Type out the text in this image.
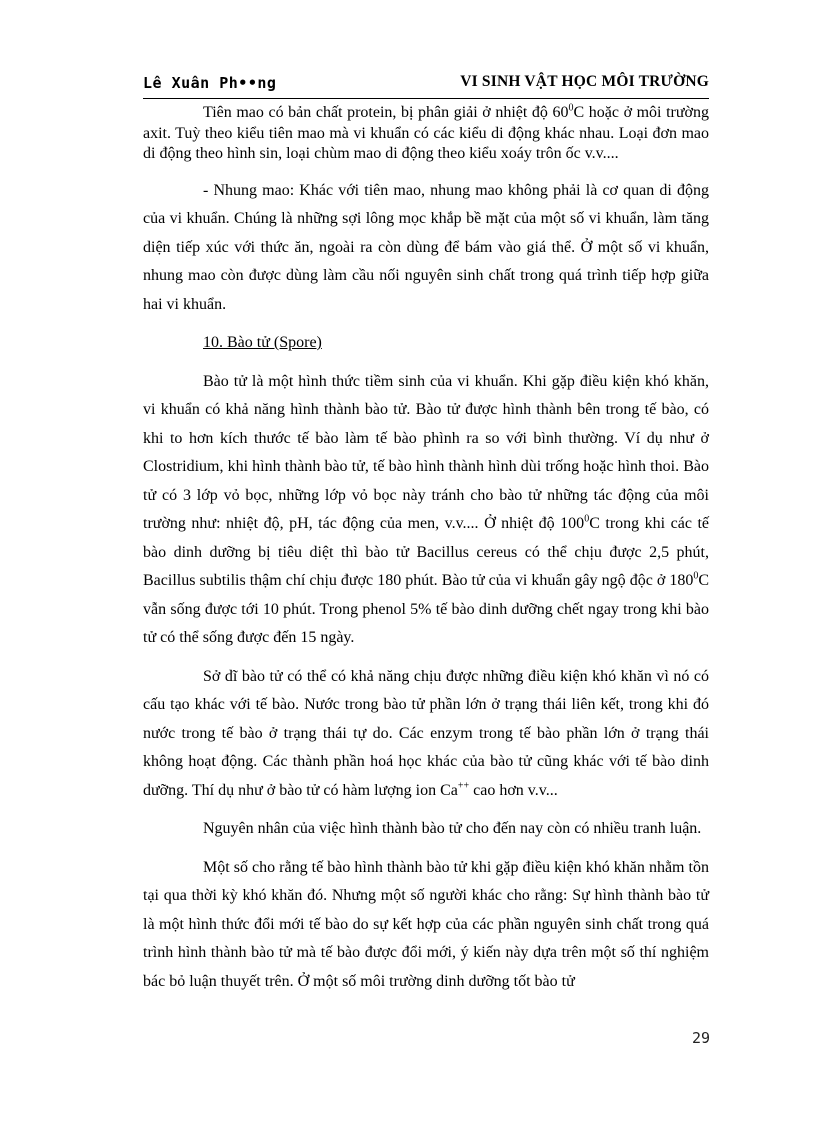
Lê Xuân Ph••ng	VI SINH VẬT HỌC MÔI TRƯỜNG

Tiên mao có bản chất protein, bị phân giải ở nhiệt độ $60^0C$ hoặc ở môi trường axit. Tuỳ theo kiểu tiên mao mà vi khuẩn có các kiểu di động khác nhau. Loại đơn mao di động theo hình sin, loại chùm mao di động theo kiểu xoáy trôn ốc v.v....

- Nhung mao: Khác với tiên mao, nhung mao không phải là cơ quan di động của vi khuẩn. Chúng là những sợi lông mọc khắp bề mặt của một số vi khuẩn, làm tăng diện tiếp xúc với thức ăn, ngoài ra còn dùng để bám vào giá thể. Ở một số vi khuẩn, nhung mao còn được dùng làm cầu nối nguyên sinh chất trong quá trình tiếp hợp giữa hai vi khuẩn.

10. Bào tử (Spore)

Bào tử là một hình thức tiềm sinh của vi khuẩn. Khi gặp điều kiện khó khăn, vi khuẩn có khả năng hình thành bào tử. Bào tử được hình thành bên trong tế bào, có khi to hơn kích thước tế bào làm tế bào phình ra so với bình thường. Ví dụ như ở Clostridium, khi hình thành bào tử, tế bào hình thành hình dùi trống hoặc hình thoi. Bào tử có 3 lớp vỏ bọc, những lớp vỏ bọc này tránh cho bào tử những tác động của môi trường như: nhiệt độ, pH, tác động của men, v.v.... Ở nhiệt độ $100^0C$ trong khi các tế bào dinh dưỡng bị tiêu diệt thì bào tử Bacillus cereus có thể chịu được 2,5 phút, Bacillus subtilis thậm chí chịu được 180 phút. Bào tử của vi khuẩn gây ngộ độc ở $180^0C$ vẫn sống được tới 10 phút. Trong phenol 5% tế bào dinh dưỡng chết ngay trong khi bào tử có thể sống được đến 15 ngày.

Sở dĩ bào tử có thể có khả năng chịu được những điều kiện khó khăn vì nó có cấu tạo khác với tế bào. Nước trong bào tử phần lớn ở trạng thái liên kết, trong khi đó nước trong tế bào ở trạng thái tự do. Các enzym trong tế bào phần lớn ở trạng thái không hoạt động. Các thành phần hoá học khác của bào tử cũng khác với tế bào dinh dưỡng. Thí dụ như ở bào tử có hàm lượng ion Ca++ cao hơn v.v...

Nguyên nhân của việc hình thành bào tử cho đến nay còn có nhiều tranh luận.

Một số cho rằng tế bào hình thành bào tử khi gặp điều kiện khó khăn nhằm tồn tại qua thời kỳ khó khăn đó. Nhưng một số người khác cho rằng: Sự hình thành bào tử là một hình thức đổi mới tế bào do sự kết hợp của các phần nguyên sinh chất trong quá trình hình thành bào tử mà tế bào được đổi mới, ý kiến này dựa trên một số thí nghiệm bác bỏ luận thuyết trên. Ở một số môi trường dinh dưỡng tốt bào tử

29
